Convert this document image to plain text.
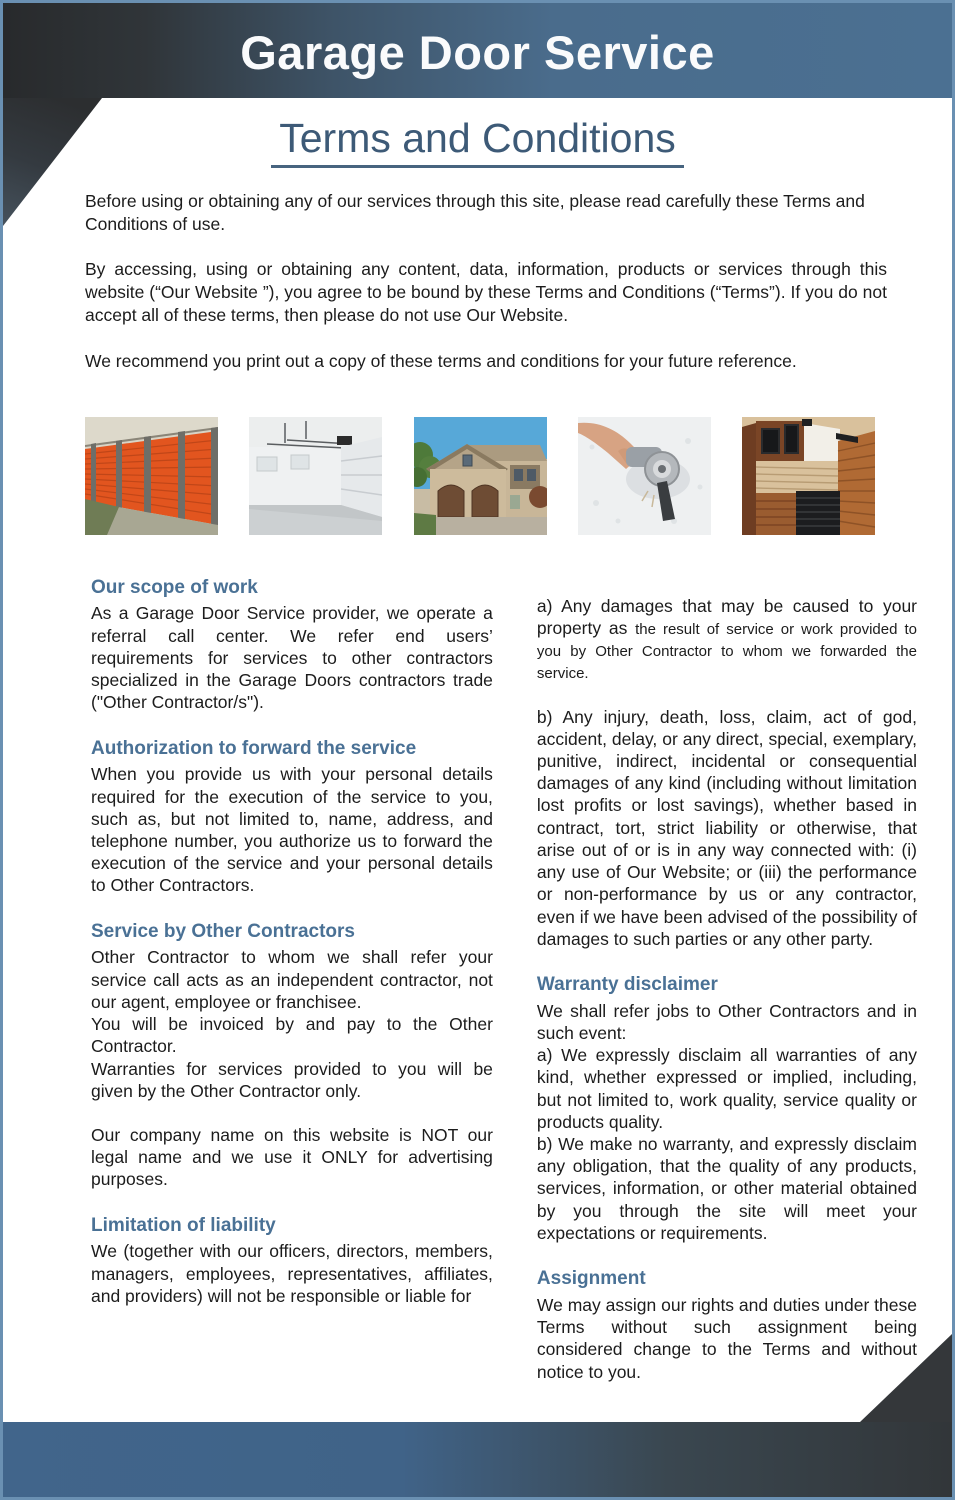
Garage Door Service
Terms and Conditions

Before using or obtaining any of our services through this site, please read carefully these Terms and Conditions of use.

By accessing, using or obtaining any content, data, information, products or services through this website (“Our Website ”), you agree to be bound by these Terms and Conditions (“Terms”). If you do not accept all of these terms, then please do not use Our Website.

We recommend you print out a copy of these terms and conditions for your future reference.

Our scope of work

As a Garage Door Service provider, we operate a referral call center. We refer end users’ requirements for services to other contractors specialized in the Garage Doors contractors trade ("Other Contractor/s").

Authorization to forward the service

When you provide us with your personal details required for the execution of the service to you, such as, but not limited to, name, address, and telephone number, you authorize us to forward the execution of the service and your personal details to Other Contractors.

Service by Other Contractors

Other Contractor to whom we shall refer your service call acts as an independent contractor, not our agent, employee or franchisee.

You will be invoiced by and pay to the Other Contractor.

Warranties for services provided to you will be given by the Other Contractor only.

Our company name on this website is NOT our legal name and we use it ONLY for advertising purposes.

Limitation of liability

We (together with our officers, directors, members, managers, employees, representatives, affiliates, and providers) will not be responsible or liable for

a) Any damages that may be caused to your property as the result of service or work provided to you by Other Contractor to whom we forwarded the service.

b) Any injury, death, loss, claim, act of god, accident, delay, or any direct, special, exemplary, punitive, indirect, incidental or consequential damages of any kind (including without limitation lost profits or lost savings), whether based in contract, tort, strict liability or otherwise, that arise out of or is in any way connected with: (i) any use of Our Website; or (iii) the performance or non-performance by us or any contractor, even if we have been advised of the possibility of damages to such parties or any other party.

Warranty disclaimer

We shall refer jobs to Other Contractors and in such event:

a) We expressly disclaim all warranties of any kind, whether expressed or implied, including, but not limited to, work quality, service quality or products quality.

b) We make no warranty, and expressly disclaim any obligation, that the quality of any products, services, information, or other material obtained by you through the site will meet your expectations or requirements.

Assignment

We may assign our rights and duties under these Terms without such assignment being considered change to the Terms and without notice to you.
